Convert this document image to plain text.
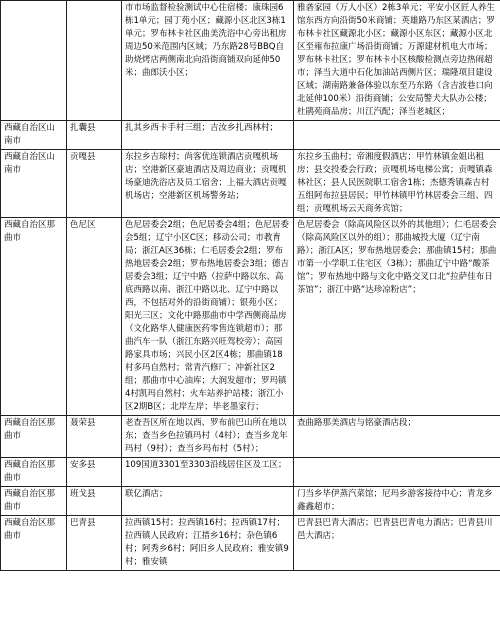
		市市场监督检验测试中心住宿楼；康珠园6栋1单元；园丁苑小区；藏源小区北区3栋1单元；罗布林卡社区曲美洗浴中心旁出租房周边50米范围内区域；乃东路28号BBQ自助烧烤店两侧南北向沿街商铺双向延伸50米；曲郎沃小区；	雅砻家园（万人小区）2栋3单元；平安小区匠人养生馆东西方向沿街50米商铺；英雄路乃东区某酒店；罗布林卡社区藏源北小区；藏源小区东区；藏源小区北区至雍布拉康广场沿街商铺；万源建材机电大市场；罗布林卡社区；罗布林卡小区核酸检测点旁边热闹超市；泽当大道中石化加油站西侧片区；瑞隆项目建设区域；湖南路兼备体验以东至乃东路（含吉波巷口向北延伸100米）沿街商铺；公安局警犬大队办公楼；杜鹃苑商品房；川江汽配；泽当老城区；
西藏自治区山南市	扎囊县	扎其乡西卡手村三组；吉汝乡扎西林村；	
西藏自治区山南市	贡嘎县	东拉乡吉琼村；尚客优连锁酒店贡嘎机场店；空港新区豪迪酒店及周边商业；贡嘎机场豪迪洗浴店及员工宿舍；上福大酒店贡嘎机场店；空港新区机场警务站；	东拉乡玉曲村；帝湘度假酒店；甲竹林镇金姐出租房；县交投委会行政；贡嘎机场电梯公寓；贡嘎镇森林社区；县人民医院职工宿舍1栋；杰德秀镇森吉村五组阿布拉县居民；甲竹林镇甲竹林居委会三组、四组；贡嘎机场云天商务宾馆；
西藏自治区那曲市	色尼区	色尼居委会2组；色尼居委会4组；色尼居委会5组；辽宁小区C区；移动公司；市教育局；浙江A区36栋；仁毛居委会2组；罗布热地居委会2组；罗布热地居委会3组；德吉居委会3组；辽宁中路（拉萨中路以东、高底西路以南、浙江中路以北、辽宁中路以西，不包括对外的沿街商铺）；银苑小区；阳光三区；文化中路那曲市中学西侧商品房（文化路华人健康医药零售连锁超市）；那曲汽车一队（浙江东路兴旺驾校旁）；高园路家具市场；兴民小区2区4栋；那曲镇18村多玛自然村；常青汽修厂；冲新社区2组；那曲市中心油库；大润发超市；罗玛镇4村凯玛自然村；火车站养护站楼；浙江小区2期B区；北岸左岸；毕老墨家行；	色尼居委会（除高风险区以外的其他组）；仁毛居委会（除高风险区以外的组）；那曲城投大厦（辽宁南路）；浙江A区；罗布热地居委会；那曲镇15村；那曲市第一小学职工住宅区（3栋）；那曲辽宁中路“酸茶馆”；罗布热地中路与文化中路交叉口北“拉萨佳布日茶馆”；浙江中路“达珍凉粉店”；
西藏自治区那曲市	聂荣县	老查吾区所在地以西、罗布前巴山所在地以东；查当乡色拉镇玛村（4村）；查当乡龙年玛村（9村）；查当乡玛布村（5村）；	查曲路那美酒店与铭豪酒店段；
西藏自治区那曲市	安多县	109国道3301至3303沿线居住区及工区；	
西藏自治区那曲市	班戈县	联亿酒店；	门当乡毕伊蒸汽菜馆；尼玛乡游客接待中心；青龙乡鑫鑫超市；
西藏自治区那曲市	巴青县	拉西镇15村；拉西镇16村；拉西镇17村；拉西镇人民政府；江措乡16村；杂色镇6村；阿秀乡6村；阿旧乡人民政府；雅安镇9村；雅安镇	巴青县巴青大酒店；巴青县巴青电力酒店；巴青县川邑大酒店；
